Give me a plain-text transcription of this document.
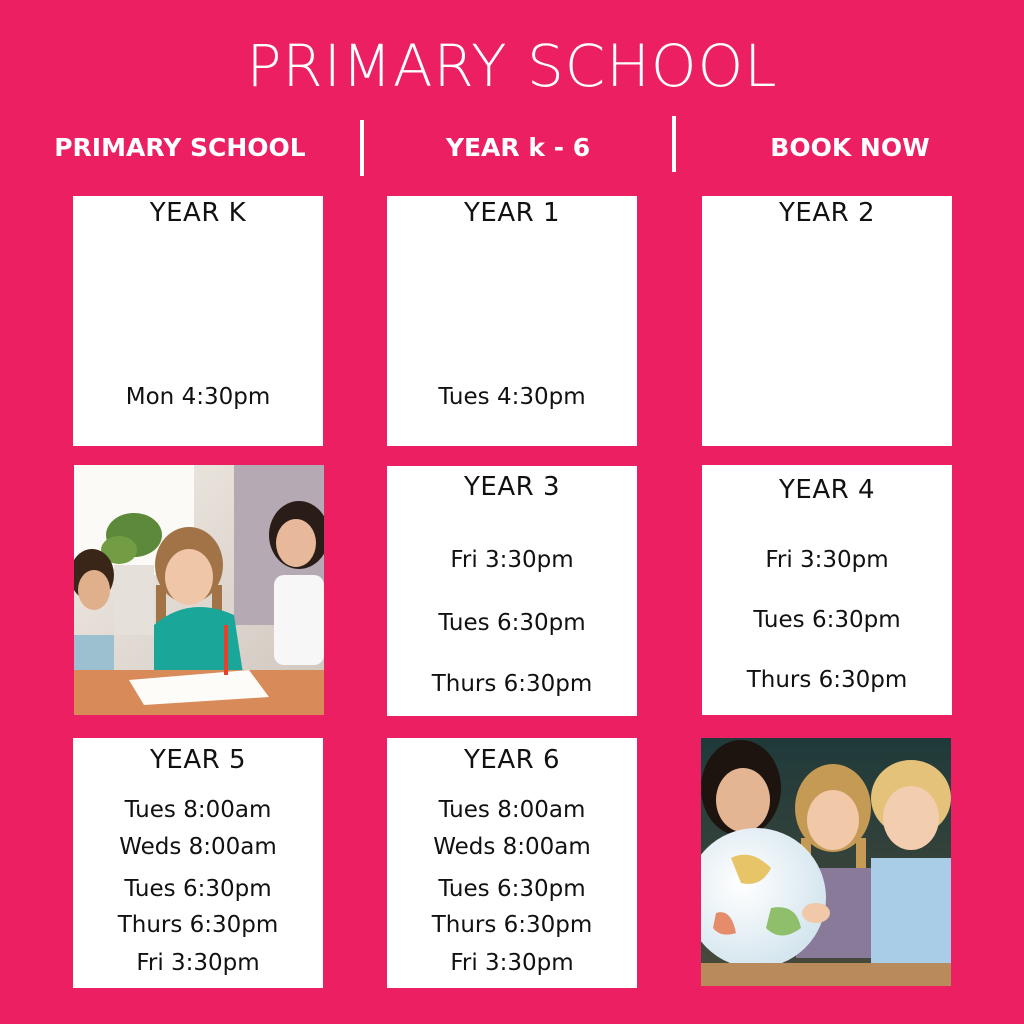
PRIMARY SCHOOL
PRIMARY SCHOOL	YEAR k - 6	BOOK NOW
YEAR K
Mon 4:30pm
YEAR 1
Tues 4:30pm
YEAR 2
YEAR 3
Fri 3:30pm
Tues 6:30pm
Thurs 6:30pm
YEAR 4
Fri 3:30pm
Tues 6:30pm
Thurs 6:30pm
YEAR 5
Tues 8:00am
Weds 8:00am
Tues 6:30pm
Thurs 6:30pm
Fri 3:30pm
YEAR 6
Tues 8:00am
Weds 8:00am
Tues 6:30pm
Thurs 6:30pm
Fri 3:30pm
